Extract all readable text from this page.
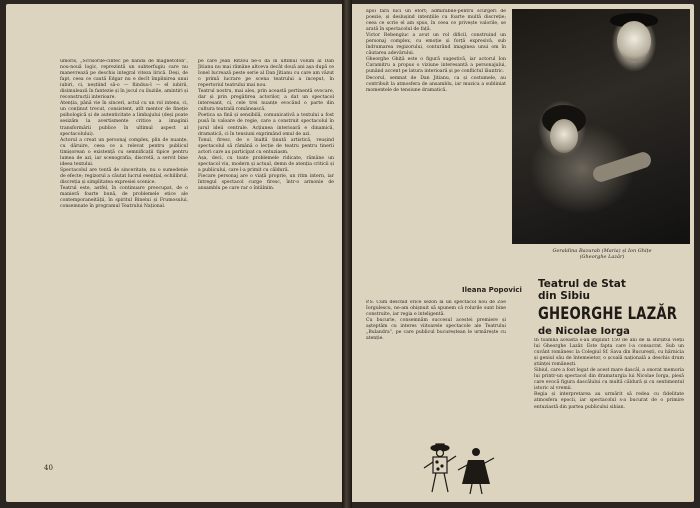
umoris, „Scrisorile-cintec pe bandă de magnetofon”, nou-nouă logic, reprezintă un subterfugiu care nu manevrează pe deschis integral viteza lirică. Deși, de fapt, ceea ce caută Edgar nu e decît împlinirea unui iubiri, ci, neștiind să-o — fiinduu-l — el iubirii, disimulează în fantezie și în jocul cu iluziile, amintiri și reconstrucții interioare.

Atenția, până vie în sinceri, actul cu un rol intens, ci, un conținut trecut, consistent, atît mentor de fineție psihologică și de autenticitate a limbajului (deși poate sesizăm la avertismente critice a imaginii transformării publice în ultimul aspect al spectacolului).

Actorul a creat un personaj complex, plin de nuanțe, cu dăruire, ceea ce a relevat pentru publicul timișorean o existență cu semnificații tipice pentru lumea de azi, iar scenografia, discretă, a servit bine ideea textului.

Spectacolul are tentă de sinceritate, nu o sumedenie de efecte; regizorul a căutat lucrul esențial, echilibrul, discreția și simplitatea expresiei scenice.

Teatrul este, astfel, în continuare preocupat, de o manieră foarte bună, de problemele etice ale contemporaneității, în spiritul Binelui și Frumosului, consemnate în programul Teatrului Național.

pe care Jean Ritzou ne-o dă în ultimul volum al Dan Jitianu nu mai rămâne altceva decât două ani așa după ce Ionel lucrează peste serie al Dan Jitianu cu care am văzut o primă lucrare pe scena teatrului a inceput, în repertoriul teatrului mai nou.

Teatrul nostru, mai ales, prin această pertinentă evocare, dar și prin pregătirea actorilor, a dat un spectacol interesant, ci, cele trei nuanțe evocând o parte din cultura teatrală românească.

Poetica sa fină și sensibilă, comunicativă a textului a fost pusă în valoare de regie, care a construit spectacolul în jurul ideii centrale. Acțiunea interioară e dinamică, dramatică, ci în tensiuni exprimând omul de azi.

Tonul, firesc, de o înaltă ținută artistică, reușind spectacolul să rămână o lecție de teatru pentru tinerii actori care au participat cu entuziasm.

Așa, deci, cu toate problemele ridicate, rămâne un spectacol viu, modern și actual, demn de atenția criticii și a publicului, care l-a primit cu căldură.

Fiecare personaj are o viață proprie, un ritm intern, iar întregul spectacol curge firesc, într-o armonie de ansamblu pe care rar o întâlnim.

40

apoi fără nici un efort; admirabile-pentru scurgeri de poezie, și deslușind intențiile cu foarte multă discreție; ceea ce scrie el am spus, în ceea ce privește valorile, se arată în spectacolul de față.

Victor Rebengiuc a avut un rol dificil, construind un personaj complex, cu emoție și forță expresivă, sub îndrumarea regizorului, conturând imaginea unui om în căutarea adevărului.

Gheorghe Ghiță este o figură sugestivă, iar actorul Ion Caramitru a propus o viziune interesantă a personajului, punând accent pe latura interioară și pe conflictul lăuntric.

Decorul, semnat de Dan Jitianu, ca și costumele, au contribuit la atmosfera de ansamblu, iar muzica a subliniat momentele de tensiune dramatică.

Ileana Popovici

P.S. Cum deschid orice sezon la un spectacol nou de Zoe Iorgulescu, ne-am obișnuit să spunem că rolurile sunt bine construite, iar regia e inteligentă.

Cu bucurie, consemnăm succesul acestei premiere și așteptăm cu interes viitoarele spectacole ale Teatrului „Bulandra”, pe care publicul bucureștean le urmărește cu atenție.

Geraldina Bazurab (Maria) și Ion Ghițe
(Gheorghe Lazăr)
Teatrul de Stat
din Sibiu
GHEORGHE LAZĂR
de Nicolae Iorga

In toamna aceasta s-au împlinit 150 de ani de la sfîrșitul vieții lui Gheorghe Lazăr. Este fapta care l-a consacrat. Sub un cuvânt românesc la Colegiul Sf. Sava din București, cu hărnicia și geniul său de întemeietor, o școală națională a deschis drum științei românești.

Sibiul, care a fost legat de acest mare dascăl, a onorat memoria lui printr-un spectacol din dramaturgia lui Nicolae Iorga, piesă care evocă figura dascălului cu multă căldură și cu sentimentul istoric al vremii.

Regia și interpretarea au urmărit să redea cu fidelitate atmosfera epocii, iar spectacolul s-a bucurat de o primire entuziastă din partea publicului sibian.
